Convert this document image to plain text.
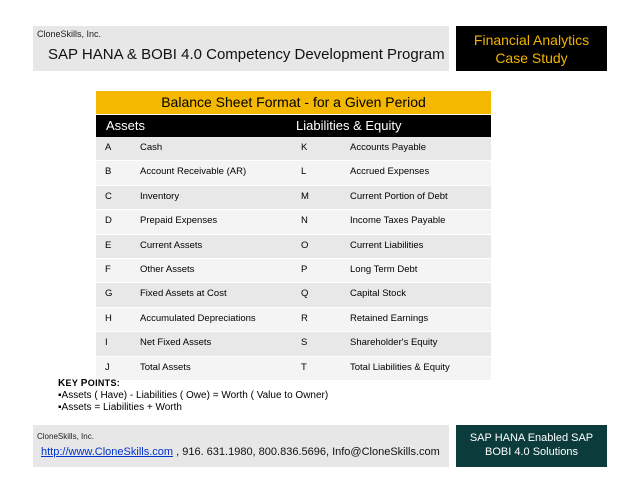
CloneSkills, Inc.
SAP HANA & BOBI 4.0 Competency Development Program
Financial Analytics
Case Study
Balance Sheet Format - for a Given Period
Assets	Liabilities & Equity
A	Cash	K	Accounts Payable
B	Account Receivable (AR)	L	Accrued Expenses
C	Inventory	M	Current Portion of Debt
D	Prepaid Expenses	N	Income Taxes Payable
E	Current Assets	O	Current Liabilities
F	Other Assets	P	Long Term Debt
G	Fixed Assets at Cost	Q	Capital Stock
H	Accumulated Depreciations	R	Retained Earnings
I	Net Fixed Assets	S	Shareholder's Equity
J	Total Assets	T	Total Liabilities & Equity
KEY POINTS:
▪Assets ( Have) - Liabilities ( Owe) = Worth ( Value to Owner)
▪Assets = Liabilities + Worth
CloneSkills, Inc.
http://www.CloneSkills.com , 916. 631.1980, 800.836.5696, Info@CloneSkills.com
SAP HANA Enabled SAP
BOBI 4.0 Solutions
